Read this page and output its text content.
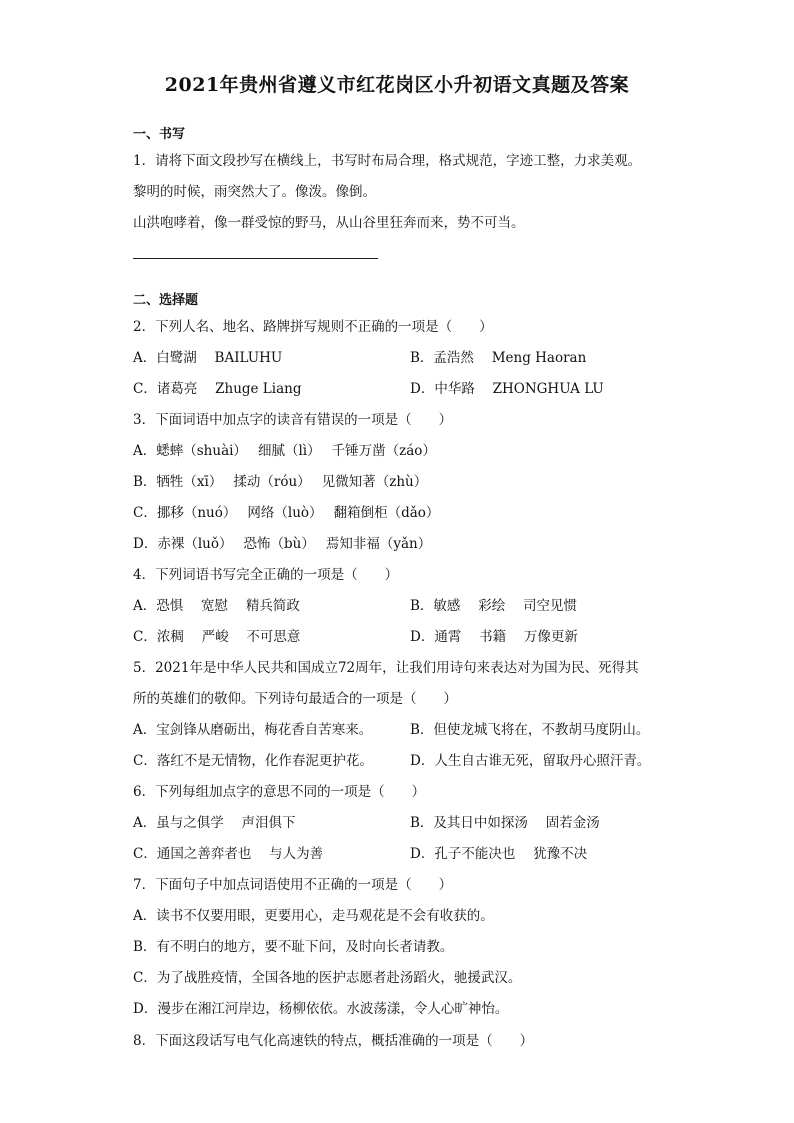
2021年贵州省遵义市红花岗区小升初语文真题及答案
一、书写
1．请将下面文段抄写在横线上，书写时布局合理，格式规范，字迹工整，力求美观。
黎明的时候，雨突然大了。像泼。像倒。
山洪咆哮着，像一群受惊的野马，从山谷里狂奔而来，势不可当。
二、选择题
2．下列人名、地名、路牌拼写规则不正确的一项是（　　）
A．白鹭湖　 BAILUHU	B．孟浩然　 Meng Haoran
C．诸葛亮　 Zhuge Liang	D．中华路　 ZHONGHUA LU
3．下面词语中加点字的读音有错误的一项是（　　）
A．蟋蟀（shuài）　 细腻（lì）　 千锤万凿（záo）
B．牺牲（xī）　 揉动（róu）　 见微知著（zhù）
C．挪移（nuó）　 网络（luò）　 翻箱倒柜（dǎo）
D．赤裸（luǒ）　 恐怖（bù）　 焉知非福（yǎn）
4．下列词语书写完全正确的一项是（　　）
A．恐惧　 宽慰　 精兵简政	B．敏感　 彩绘　 司空见惯
C．浓稠　 严峻　 不可思意	D．通霄　 书籍　 万像更新
5．2021年是中华人民共和国成立72周年，让我们用诗句来表达对为国为民、死得其
所的英雄们的敬仰。下列诗句最适合的一项是（　　）
A．宝剑锋从磨砺出，梅花香自苦寒来。	B．但使龙城飞将在，不教胡马度阴山。
C．落红不是无情物，化作春泥更护花。	D．人生自古谁无死，留取丹心照汗青。
6．下列每组加点字的意思不同的一项是（　　）
A．虽与之俱学　 声泪俱下	B．及其日中如探汤　 固若金汤
C．通国之善弈者也　 与人为善	D．孔子不能决也　 犹豫不决
7．下面句子中加点词语使用不正确的一项是（　　）
A．读书不仅要用眼，更要用心，走马观花是不会有收获的。
B．有不明白的地方，要不耻下问，及时向长者请教。
C．为了战胜疫情，全国各地的医护志愿者赴汤蹈火，驰援武汉。
D．漫步在湘江河岸边，杨柳依依。水波荡漾，令人心旷神怡。
8．下面这段话写电气化高速铁的特点，概括准确的一项是（　　）
